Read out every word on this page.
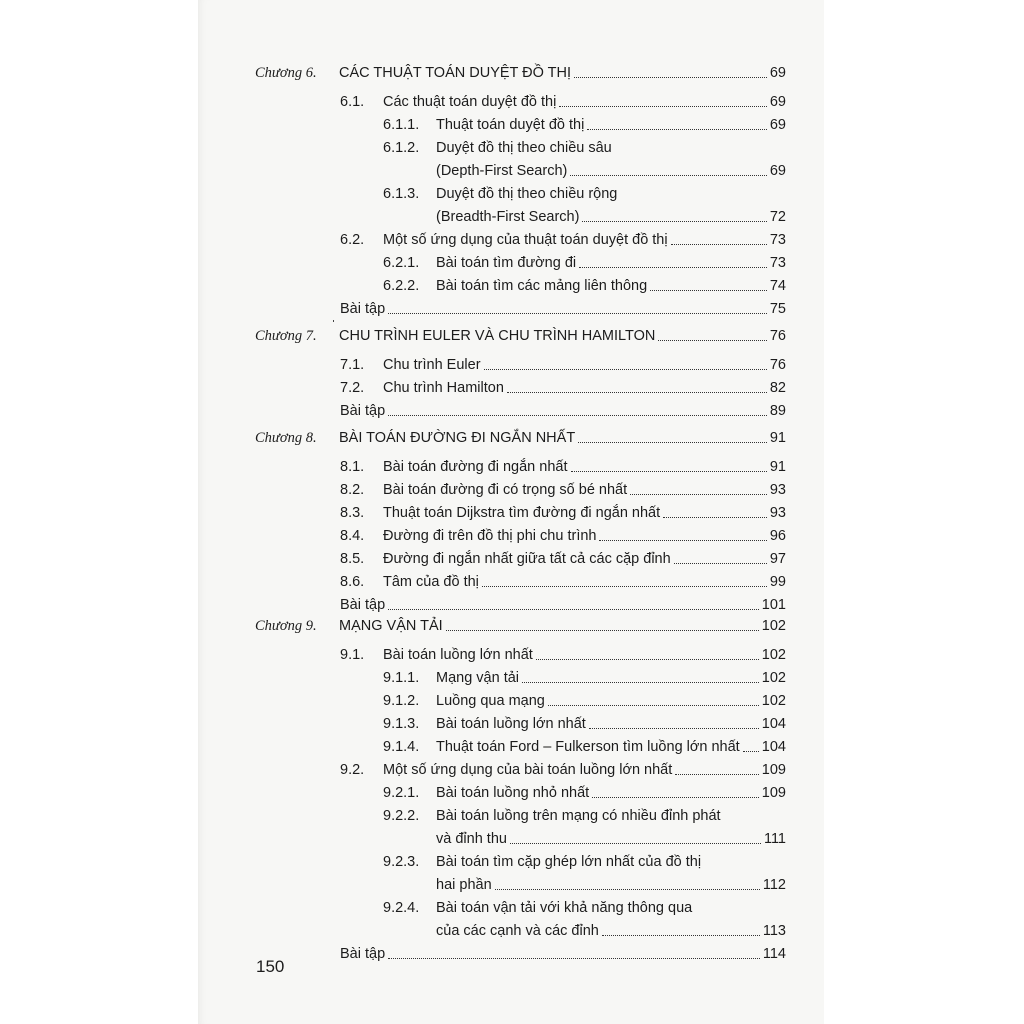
Chương 6.	CÁC THUẬT TOÁN DUYỆT ĐỒ THỊ	69
6.1.	Các thuật toán duyệt đồ thị	69
6.1.1.	Thuật toán duyệt đồ thị	69
6.1.2. Duyệt đồ thị theo chiều sâu
(Depth-First Search)	69
6.1.3. Duyệt đồ thị theo chiều rộng
(Breadth-First Search)	72
6.2.	Một số ứng dụng của thuật toán duyệt đồ thị	73
6.2.1.	Bài toán tìm đường đi	73
6.2.2.	Bài toán tìm các mảng liên thông	74
Bài tập	75
Chương 7.	CHU TRÌNH EULER VÀ CHU TRÌNH HAMILTON	76
7.1.	Chu trình Euler	76
7.2.	Chu trình Hamilton	82
Bài tập	89
Chương 8.	BÀI TOÁN ĐƯỜNG ĐI NGẮN NHẤT	91
8.1.	Bài toán đường đi ngắn nhất	91
8.2.	Bài toán đường đi có trọng số bé nhất	93
8.3.	Thuật toán Dijkstra tìm đường đi ngắn nhất	93
8.4.	Đường đi trên đồ thị phi chu trình	96
8.5.	Đường đi ngắn nhất giữa tất cả các cặp đỉnh	97
8.6.	Tâm của đồ thị	99
Bài tập	101
Chương 9.	MẠNG VẬN TẢI	102
9.1.	Bài toán luồng lớn nhất	102
9.1.1.	Mạng vận tải	102
9.1.2.	Luồng qua mạng	102
9.1.3.	Bài toán luồng lớn nhất	104
9.1.4.	Thuật toán Ford – Fulkerson tìm luồng lớn nhất 104
9.2.	Một số ứng dụng của bài toán luồng lớn nhất	109
9.2.1.	Bài toán luồng nhỏ nhất	109
9.2.2. Bài toán luồng trên mạng có nhiều đỉnh phát
và đỉnh thu	111
9.2.3. Bài toán tìm cặp ghép lớn nhất của đồ thị
hai phần	112
9.2.4. Bài toán vận tải với khả năng thông qua
của các cạnh và các đỉnh	113
Bài tập	114
150
